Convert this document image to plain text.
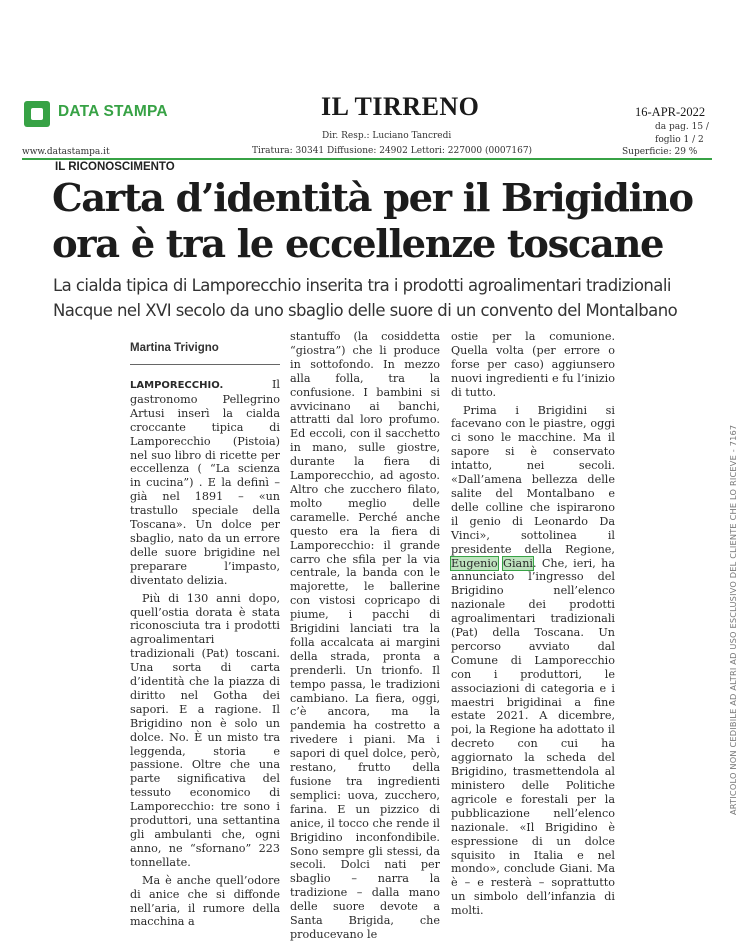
DATA STAMPA
www.datastampa.it
IL TIRRENO
Dir. Resp.: Luciano Tancredi
Tiratura: 30341 Diffusione: 24902 Lettori: 227000 (0007167)
16-APR-2022
da pag. 15 /
foglio 1 / 2
Superficie: 29 %
IL RICONOSCIMENTO
Carta d’identità per il Brigidino
ora è tra le eccellenze toscane
La cialda tipica di Lamporecchio inserita tra i prodotti agroalimentari tradizionali
Nacque nel XVI secolo da uno sbaglio delle suore di un convento del Montalbano
Martina Trivigno

LAMPORECCHIO.	Il gastronomo Pellegrino Artusi inserì la cialda croccante tipica di Lamporecchio (Pistoia) nel suo libro di ricette per eccellenza ( “La scienza in cucina”) . E la definì – già nel 1891 – «un trastullo speciale della Toscana». Un dolce per sbaglio, nato da un errore delle suore brigidine nel preparare l’impasto, diventato delizia.

Più di 130 anni dopo, quell’ostia dorata è stata riconosciuta tra i prodotti agroalimentari tradizionali (Pat) toscani. Una sorta di carta d’identità che la piazza di diritto nel Gotha dei sapori. E a ragione. Il Brigidino non è solo un dolce. No. È un misto tra leggenda, storia e passione. Oltre che una parte significativa del tessuto economico di Lamporecchio: tre sono i produttori, una settantina gli ambulanti che, ogni anno, ne “sfornano” 223 tonnellate.

Ma è anche quell’odore di anice che si diffonde nell’aria, il rumore della macchina a

stantuffo (la cosiddetta “giostra”) che li produce in sottofondo. In mezzo alla folla, tra la confusione. I bambini si avvicinano ai banchi, attratti dal loro profumo. Ed eccoli, con il sacchetto in mano, sulle giostre, durante la fiera di Lamporecchio, ad agosto. Altro che zucchero filato, molto meglio delle caramelle. Perché anche questo era la fiera di Lamporecchio: il grande carro che sfila per la via centrale, la banda con le majorette, le ballerine con vistosi copricapo di piume, i pacchi di Brigidini lanciati tra la folla accalcata ai margini della strada, pronta a prenderli. Un trionfo. Il tempo passa, le tradizioni cambiano. La fiera, oggi, c’è ancora, ma la pandemia ha costretto a rivedere i piani. Ma i sapori di quel dolce, però, restano, frutto della fusione tra ingredienti semplici: uova, zucchero, farina. E un pizzico di anice, il tocco che rende il Brigidino inconfondibile. Sono sempre gli stessi, da secoli. Dolci nati per sbaglio – narra la tradizione – dalla mano delle suore devote a Santa Brigida, che producevano le

ostie per la comunione. Quella volta (per errore o forse per caso) aggiunsero nuovi ingredienti e fu l’inizio di tutto.

Prima i Brigidini si facevano con le piastre, oggi ci sono le macchine. Ma il sapore si è conservato intatto, nei secoli. «Dall’amena bellezza delle salite del Montalbano e delle colline che ispirarono il genio di Leonardo Da Vinci», sottolinea il presidente della Regione, Eugenio Giani. Che, ieri, ha annunciato l’ingresso del Brigidino nell’elenco nazionale dei prodotti agroalimentari tradizionali (Pat) della Toscana. Un percorso avviato dal Comune di Lamporecchio con i produttori, le associazioni di categoria e i maestri brigidinai a fine estate 2021. A dicembre, poi, la Regione ha adottato il decreto con cui ha aggiornato la scheda del Brigidino, trasmettendola al ministero delle Politiche agricole e forestali per la pubblicazione nell’elenco nazionale. «Il Brigidino è espressione di un dolce squisito in Italia e nel mondo», conclude Giani. Ma è – e resterà – soprattutto un simbolo dell’infanzia di molti.

ARTICOLO NON CEDIBILE AD ALTRI AD USO ESCLUSIVO DEL CLIENTE CHE LO RICEVE - 7167
